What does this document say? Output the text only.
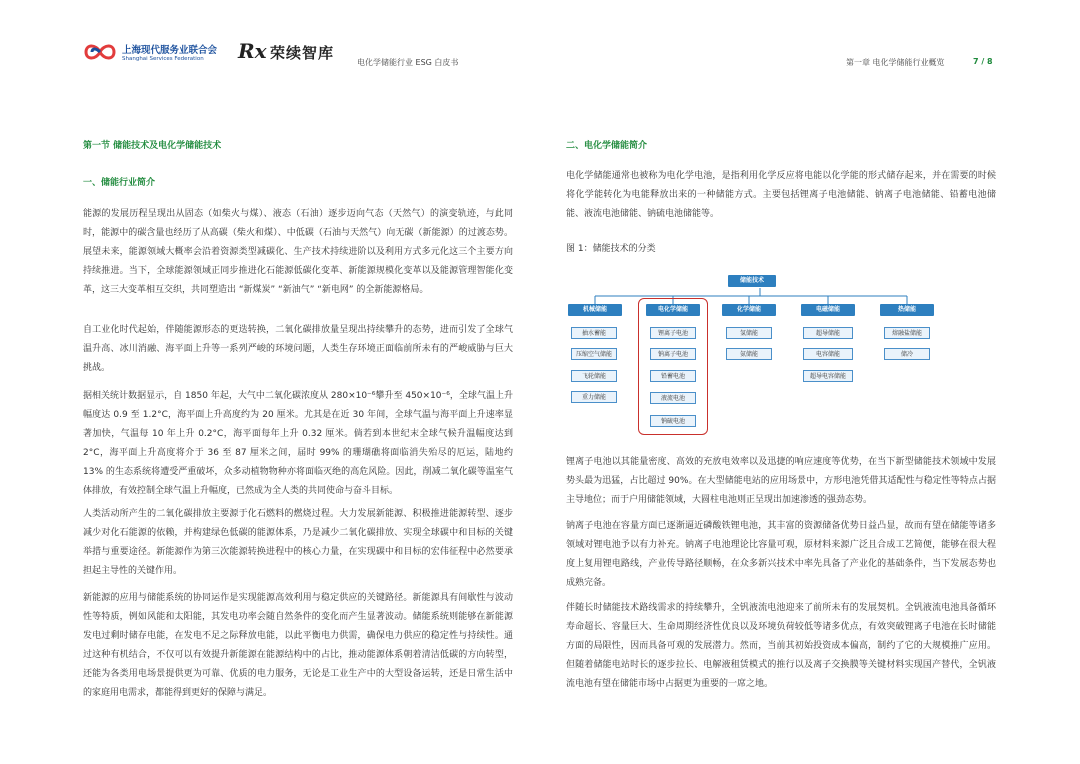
上海现代服务业联合会
Shanghai Services Federation Rx 荣续智库
电化学储能行业 ESG 白皮书	第一章 电化学储能行业概览	7 / 8
第一节 储能技术及电化学储能技术
一、储能行业简介
能源的发展历程呈现出从固态（如柴火与煤）、液态（石油）逐步迈向气态（天然气）的演变轨迹，与此同时，能源中的碳含量也经历了从高碳（柴火和煤）、中低碳（石油与天然气）向无碳（新能源）的过渡态势。展望未来，能源领域大概率会沿着资源类型减碳化、生产技术持续进阶以及利用方式多元化这三个主要方向持续推进。当下，全球能源领域正同步推进化石能源低碳化变革、新能源规模化变革以及能源管理智能化变革，这三大变革相互交织，共同塑造出 “新煤炭” “新油气” “新电网” 的全新能源格局。
自工业化时代起始，伴随能源形态的更迭转换，二氧化碳排放量呈现出持续攀升的态势，进而引发了全球气温升高、冰川消融、海平面上升等一系列严峻的环境问题，人类生存环境正面临前所未有的严峻威胁与巨大挑战。
据相关统计数据显示，自 1850 年起，大气中二氧化碳浓度从 280×10⁻⁶攀升至 450×10⁻⁶，全球气温上升幅度达 0.9 至 1.2°C，海平面上升高度约为 20 厘米。尤其是在近 30 年间，全球气温与海平面上升速率显著加快，气温每 10 年上升 0.2°C，海平面每年上升 0.32 厘米。倘若到本世纪末全球气候升温幅度达到 2°C，海平面上升高度将介于 36 至 87 厘米之间，届时 99% 的珊瑚礁将面临消失殆尽的厄运，陆地约 13% 的生态系统将遭受严重破坏，众多动植物物种亦将面临灭绝的高危风险。因此，削减二氧化碳等温室气体排放，有效控制全球气温上升幅度，已然成为全人类的共同使命与奋斗目标。
人类活动所产生的二氧化碳排放主要源于化石燃料的燃烧过程。大力发展新能源、积极推进能源转型、逐步减少对化石能源的依赖，并构建绿色低碳的能源体系，乃是减少二氧化碳排放、实现全球碳中和目标的关键举措与重要途径。新能源作为第三次能源转换进程中的核心力量，在实现碳中和目标的宏伟征程中必然要承担起主导性的关键作用。
新能源的应用与储能系统的协同运作是实现能源高效利用与稳定供应的关键路径。新能源具有间歇性与波动性等特质，例如风能和太阳能，其发电功率会随自然条件的变化而产生显著波动。储能系统则能够在新能源发电过剩时储存电能，在发电不足之际释放电能，以此平衡电力供需，确保电力供应的稳定性与持续性。通过这种有机结合，不仅可以有效提升新能源在能源结构中的占比，推动能源体系朝着清洁低碳的方向转型，还能为各类用电场景提供更为可靠、优质的电力服务，无论是工业生产中的大型设备运转，还是日常生活中的家庭用电需求，都能得到更好的保障与满足。
二、电化学储能简介
电化学储能通常也被称为电化学电池，是指利用化学反应将电能以化学能的形式储存起来，并在需要的时候将化学能转化为电能释放出来的一种储能方式。主要包括锂离子电池储能、钠离子电池储能、铅蓄电池储能、液流电池储能、钠硫电池储能等。
图 1：储能技术的分类
储能技术
机械储能
抽水蓄能
压缩空气储能
飞轮储能
重力储能
电化学储能
锂离子电池
钠离子电池
铅蓄电池
液流电池
钠硫电池
化学储能
氢储能
氨储能
电磁储能
超导储能
电容储能
超导电容储能
热储能
熔融盐储能
储冷
锂离子电池以其能量密度、高效的充放电效率以及迅捷的响应速度等优势，在当下新型储能技术领域中发展势头最为迅猛，占比超过 90%。在大型储能电站的应用场景中，方形电池凭借其适配性与稳定性等特点占据主导地位；而于户用储能领域，大圆柱电池则正呈现出加速渗透的强劲态势。
钠离子电池在容量方面已逐渐逼近磷酸铁锂电池，其丰富的资源储备优势日益凸显，故而有望在储能等诸多领域对锂电池予以有力补充。钠离子电池理论比容量可观，原材料来源广泛且合成工艺简便，能够在很大程度上复用锂电路线，产业传导路径顺畅，在众多新兴技术中率先具备了产业化的基础条件，当下发展态势也成熟完备。
伴随长时储能技术路线需求的持续攀升，全钒液流电池迎来了前所未有的发展契机。全钒液流电池具备循环寿命超长、容量巨大、生命周期经济性优良以及环境负荷较低等诸多优点，有效突破锂离子电池在长时储能方面的局限性，因而具备可观的发展潜力。然而，当前其初始投资成本偏高，制约了它的大规模推广应用。但随着储能电站时长的逐步拉长、电解液租赁模式的推行以及离子交换膜等关键材料实现国产替代，全钒液流电池有望在储能市场中占据更为重要的一席之地。
